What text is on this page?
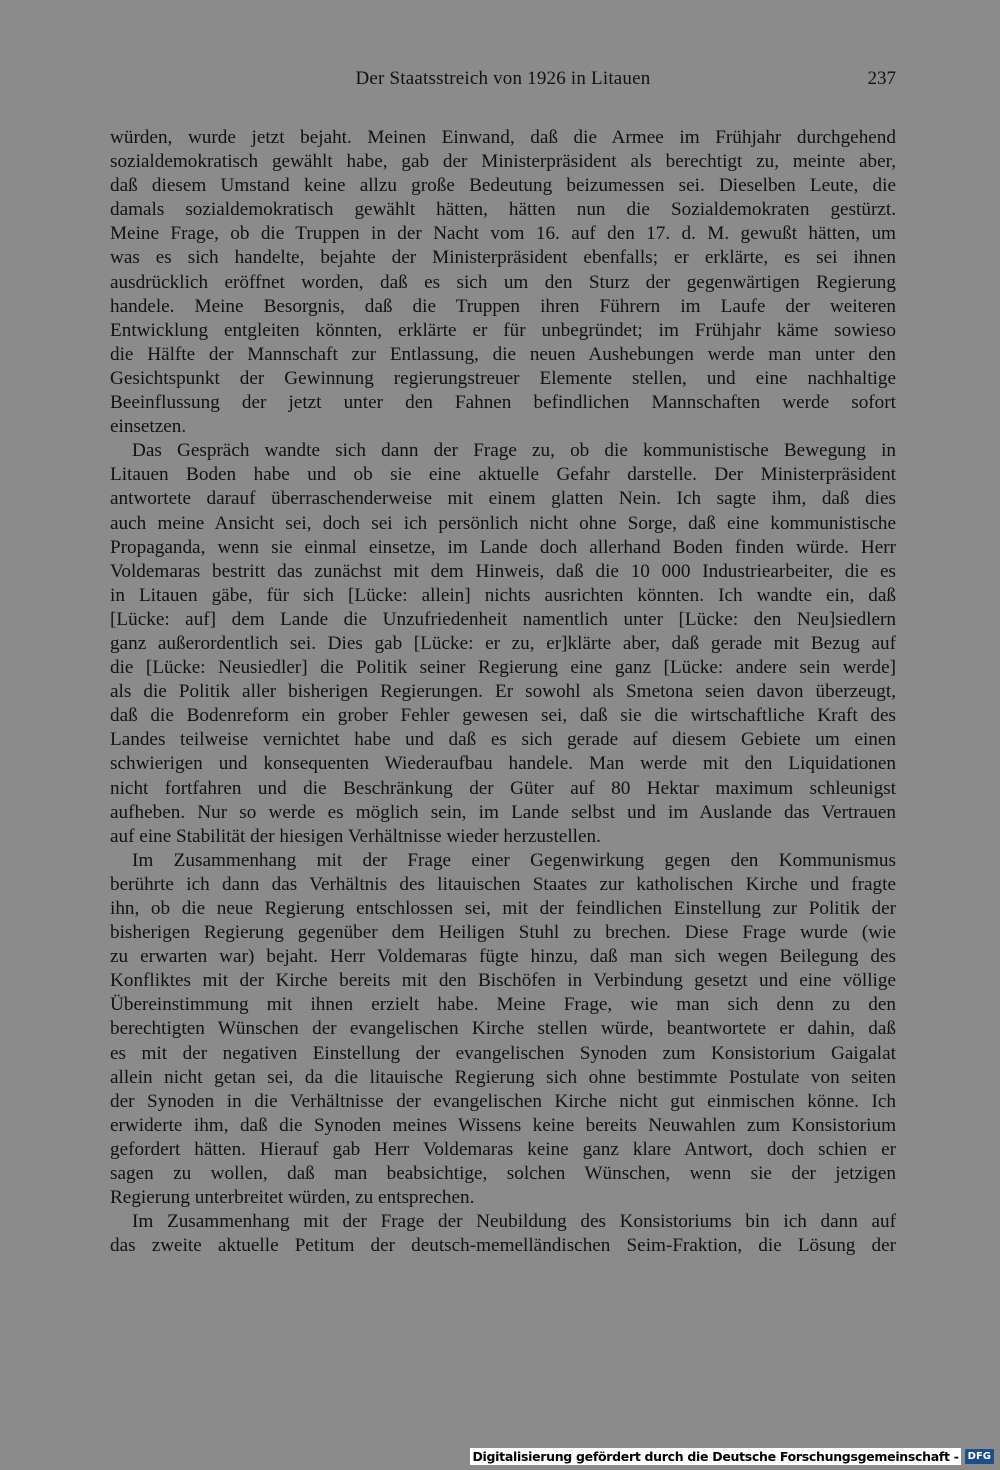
Der Staatsstreich von 1926 in Litauen	237
würden, wurde jetzt bejaht. Meinen Einwand, daß die Armee im Frühjahr durchgehend
sozialdemokratisch gewählt habe, gab der Ministerpräsident als berechtigt zu, meinte aber,
daß diesem Umstand keine allzu große Bedeutung beizumessen sei. Dieselben Leute, die
damals sozialdemokratisch gewählt hätten, hätten nun die Sozialdemokraten gestürzt.
Meine Frage, ob die Truppen in der Nacht vom 16. auf den 17. d. M. gewußt hätten, um
was es sich handelte, bejahte der Ministerpräsident ebenfalls; er erklärte, es sei ihnen
ausdrücklich eröffnet worden, daß es sich um den Sturz der gegenwärtigen Regierung
handele. Meine Besorgnis, daß die Truppen ihren Führern im Laufe der weiteren
Entwicklung entgleiten könnten, erklärte er für unbegründet; im Frühjahr käme sowieso
die Hälfte der Mannschaft zur Entlassung, die neuen Aushebungen werde man unter den
Gesichtspunkt der Gewinnung regierungstreuer Elemente stellen, und eine nachhaltige
Beeinflussung der jetzt unter den Fahnen befindlichen Mannschaften werde sofort
einsetzen.
Das Gespräch wandte sich dann der Frage zu, ob die kommunistische Bewegung in
Litauen Boden habe und ob sie eine aktuelle Gefahr darstelle. Der Ministerpräsident
antwortete darauf überraschenderweise mit einem glatten Nein. Ich sagte ihm, daß dies
auch meine Ansicht sei, doch sei ich persönlich nicht ohne Sorge, daß eine kommunistische
Propaganda, wenn sie einmal einsetze, im Lande doch allerhand Boden finden würde. Herr
Voldemaras bestritt das zunächst mit dem Hinweis, daß die 10 000 Industriearbeiter, die es
in Litauen gäbe, für sich [Lücke: allein] nichts ausrichten könnten. Ich wandte ein, daß
[Lücke: auf] dem Lande die Unzufriedenheit namentlich unter [Lücke: den Neu]siedlern
ganz außerordentlich sei. Dies gab [Lücke: er zu, er]klärte aber, daß gerade mit Bezug auf
die [Lücke: Neusiedler] die Politik seiner Regierung eine ganz [Lücke: andere sein werde]
als die Politik aller bisherigen Regierungen. Er sowohl als Smetona seien davon überzeugt,
daß die Bodenreform ein grober Fehler gewesen sei, daß sie die wirtschaftliche Kraft des
Landes teilweise vernichtet habe und daß es sich gerade auf diesem Gebiete um einen
schwierigen und konsequenten Wiederaufbau handele. Man werde mit den Liquidationen
nicht fortfahren und die Beschränkung der Güter auf 80 Hektar maximum schleunigst
aufheben. Nur so werde es möglich sein, im Lande selbst und im Auslande das Vertrauen
auf eine Stabilität der hiesigen Verhältnisse wieder herzustellen.
Im Zusammenhang mit der Frage einer Gegenwirkung gegen den Kommunismus
berührte ich dann das Verhältnis des litauischen Staates zur katholischen Kirche und fragte
ihn, ob die neue Regierung entschlossen sei, mit der feindlichen Einstellung zur Politik der
bisherigen Regierung gegenüber dem Heiligen Stuhl zu brechen. Diese Frage wurde (wie
zu erwarten war) bejaht. Herr Voldemaras fügte hinzu, daß man sich wegen Beilegung des
Konfliktes mit der Kirche bereits mit den Bischöfen in Verbindung gesetzt und eine völlige
Übereinstimmung mit ihnen erzielt habe. Meine Frage, wie man sich denn zu den
berechtigten Wünschen der evangelischen Kirche stellen würde, beantwortete er dahin, daß
es mit der negativen Einstellung der evangelischen Synoden zum Konsistorium Gaigalat
allein nicht getan sei, da die litauische Regierung sich ohne bestimmte Postulate von seiten
der Synoden in die Verhältnisse der evangelischen Kirche nicht gut einmischen könne. Ich
erwiderte ihm, daß die Synoden meines Wissens keine bereits Neuwahlen zum Konsistorium
gefordert hätten. Hierauf gab Herr Voldemaras keine ganz klare Antwort, doch schien er
sagen zu wollen, daß man beabsichtige, solchen Wünschen, wenn sie der jetzigen
Regierung unterbreitet würden, zu entsprechen.
Im Zusammenhang mit der Frage der Neubildung des Konsistoriums bin ich dann auf
das zweite aktuelle Petitum der deutsch-memelländischen Seim-Fraktion, die Lösung der
Digitalisierung gefördert durch die Deutsche Forschungsgemeinschaft - DFG
